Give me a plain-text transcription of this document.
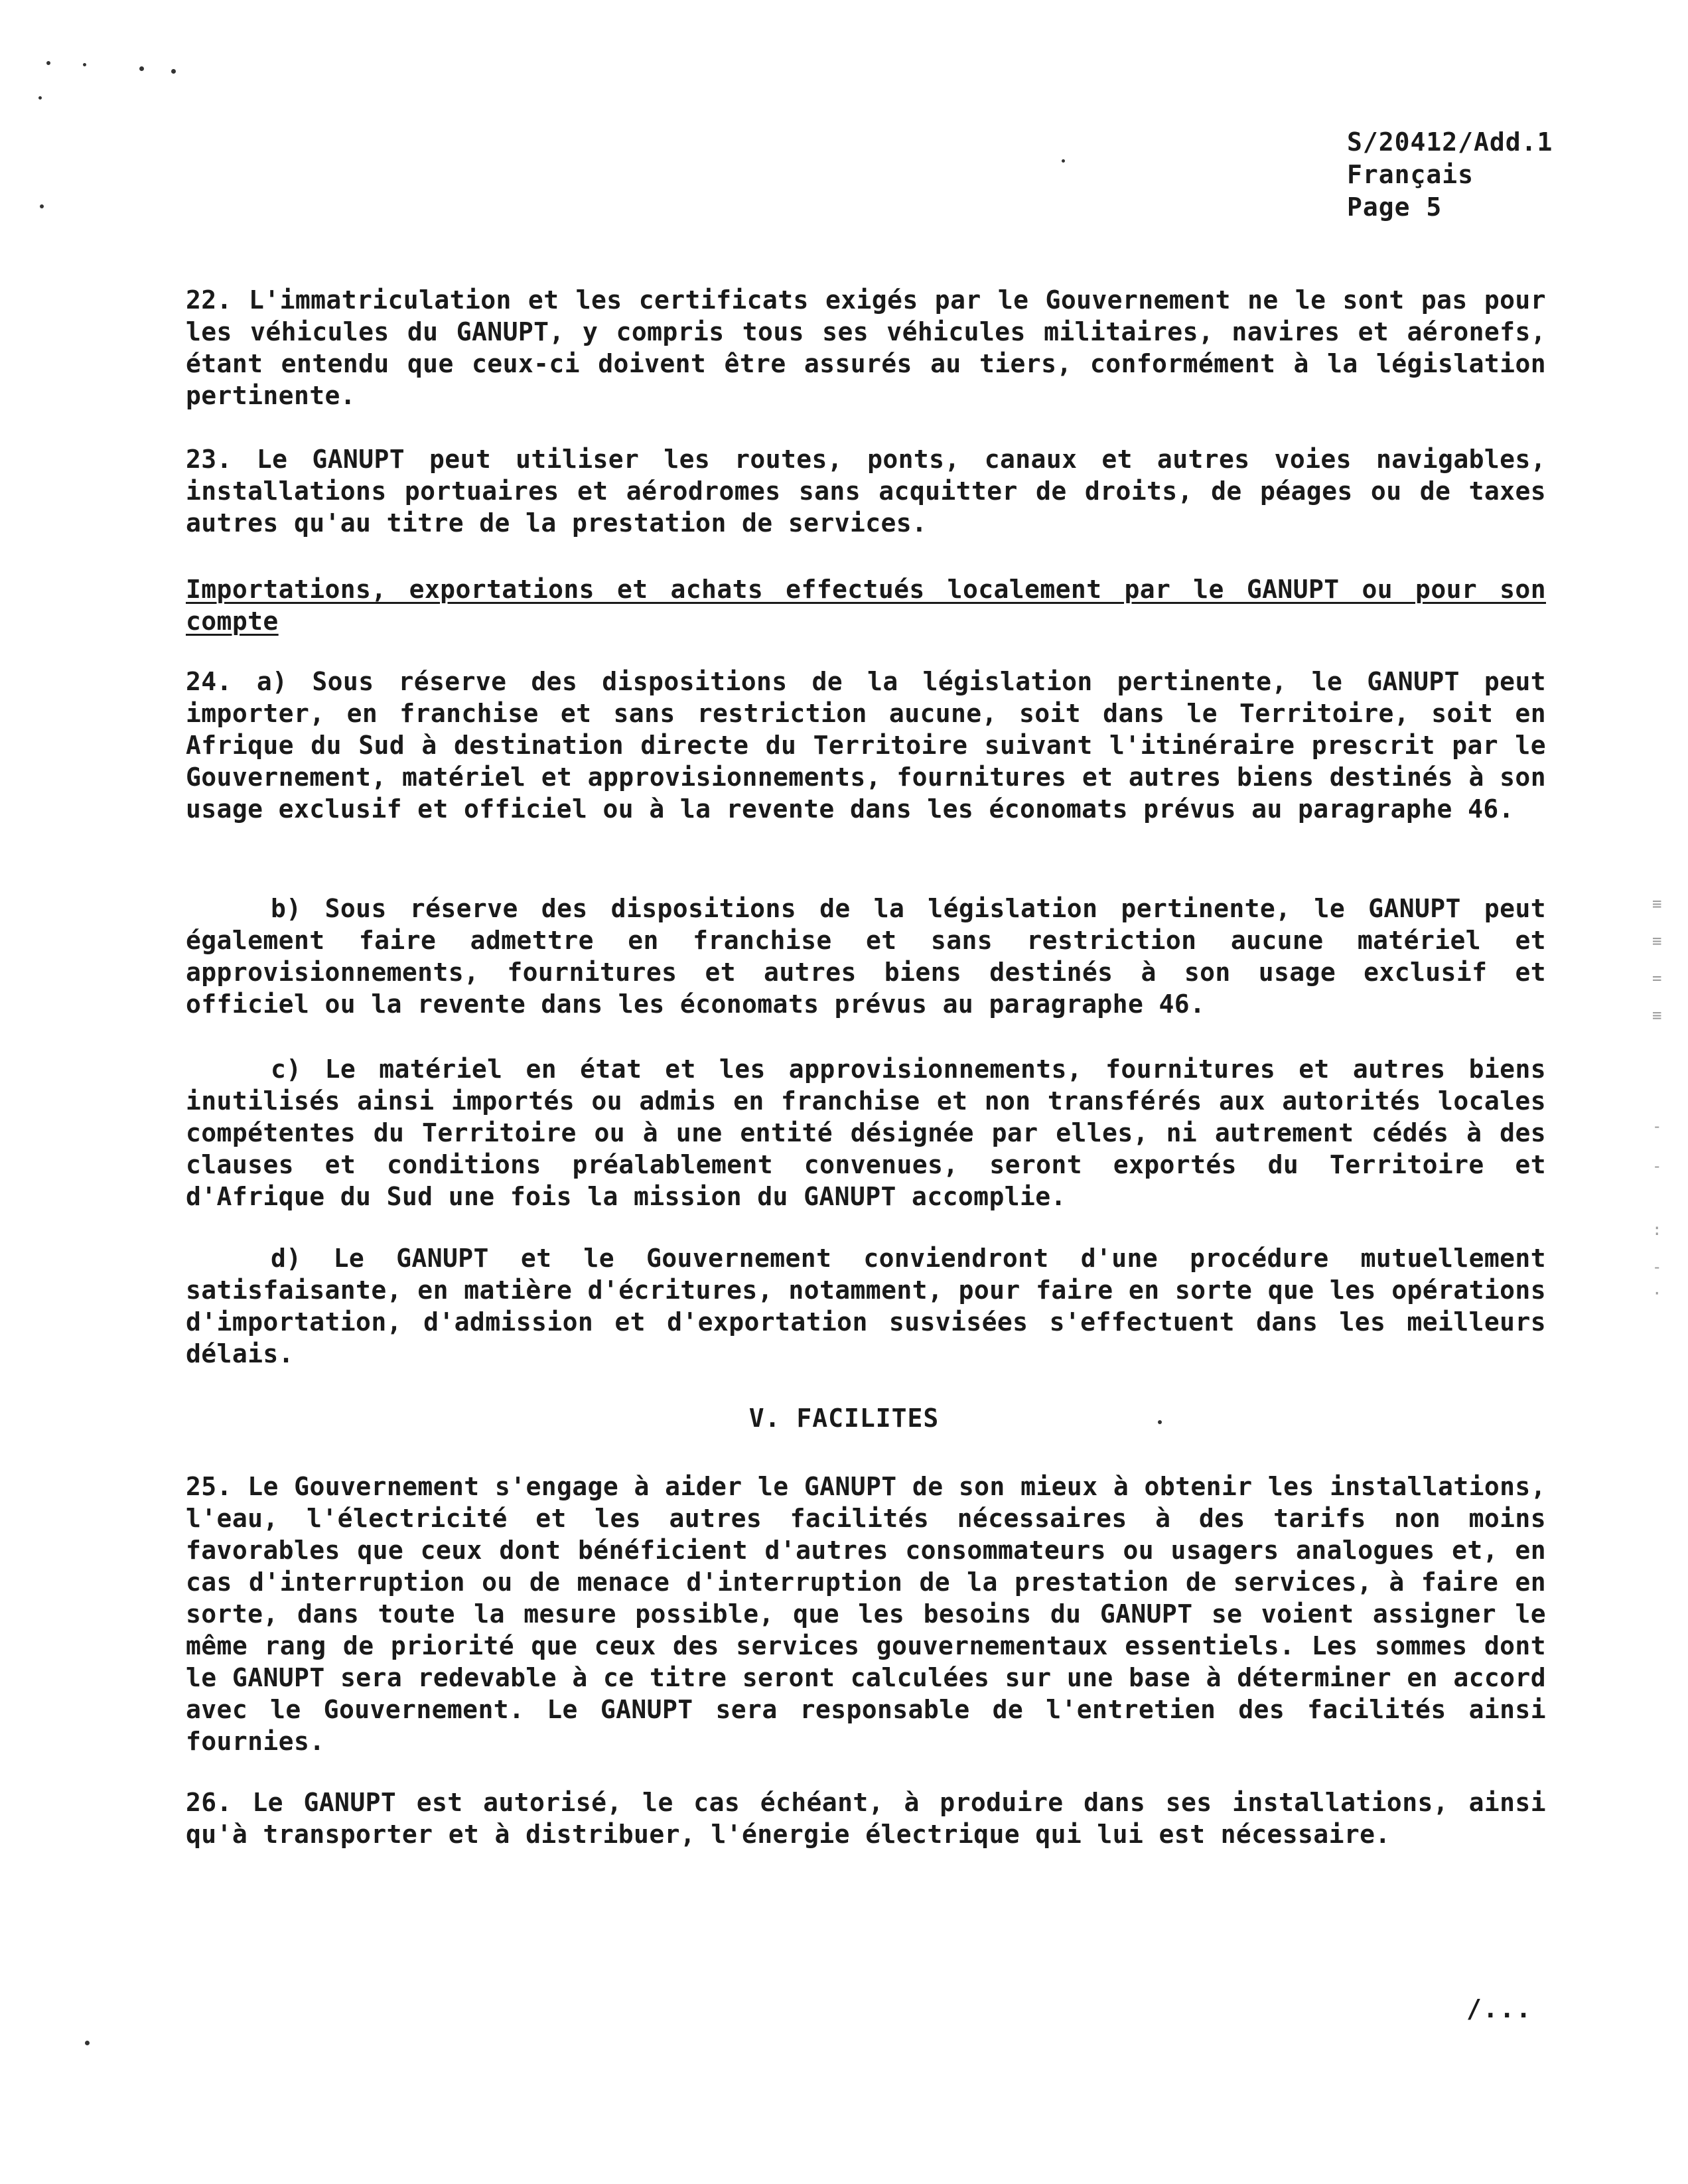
≡
≡
=
≡
-
-
:
-
·
S/20412/Add.1
Français
Page 5

22. L'immatriculation et les certificats exigés par le Gouvernement ne le sont pas pour les véhicules du GANUPT, y compris tous ses véhicules militaires, navires et aéronefs, étant entendu que ceux-ci doivent être assurés au tiers, conformément à la législation pertinente.

23. Le GANUPT peut utiliser les routes, ponts, canaux et autres voies navigables, installations portuaires et aérodromes sans acquitter de droits, de péages ou de taxes autres qu'au titre de la prestation de services.

Importations, exportations et achats effectués localement par le GANUPT ou pour son compte

24. a) Sous réserve des dispositions de la législation pertinente, le GANUPT peut importer, en franchise et sans restriction aucune, soit dans le Territoire, soit en Afrique du Sud à destination directe du Territoire suivant l'itinéraire prescrit par le Gouvernement, matériel et approvisionnements, fournitures et autres biens destinés à son usage exclusif et officiel ou à la revente dans les économats prévus au paragraphe 46.

b) Sous réserve des dispositions de la législation pertinente, le GANUPT peut également faire admettre en franchise et sans restriction aucune matériel et approvisionnements, fournitures et autres biens destinés à son usage exclusif et officiel ou la revente dans les économats prévus au paragraphe 46.

c) Le matériel en état et les approvisionnements, fournitures et autres biens inutilisés ainsi importés ou admis en franchise et non transférés aux autorités locales compétentes du Territoire ou à une entité désignée par elles, ni autrement cédés à des clauses et conditions préalablement convenues, seront exportés du Territoire et d'Afrique du Sud une fois la mission du GANUPT accomplie.

d) Le GANUPT et le Gouvernement conviendront d'une procédure mutuellement satisfaisante, en matière d'écritures, notamment, pour faire en sorte que les opérations d'importation, d'admission et d'exportation susvisées s'effectuent dans les meilleurs délais.

V. FACILITES

25. Le Gouvernement s'engage à aider le GANUPT de son mieux à obtenir les installations, l'eau, l'électricité et les autres facilités nécessaires à des tarifs non moins favorables que ceux dont bénéficient d'autres consommateurs ou usagers analogues et, en cas d'interruption ou de menace d'interruption de la prestation de services, à faire en sorte, dans toute la mesure possible, que les besoins du GANUPT se voient assigner le même rang de priorité que ceux des services gouvernementaux essentiels. Les sommes dont le GANUPT sera redevable à ce titre seront calculées sur une base à déterminer en accord avec le Gouvernement. Le GANUPT sera responsable de l'entretien des facilités ainsi fournies.

26. Le GANUPT est autorisé, le cas échéant, à produire dans ses installations, ainsi qu'à transporter et à distribuer, l'énergie électrique qui lui est nécessaire.

/...
